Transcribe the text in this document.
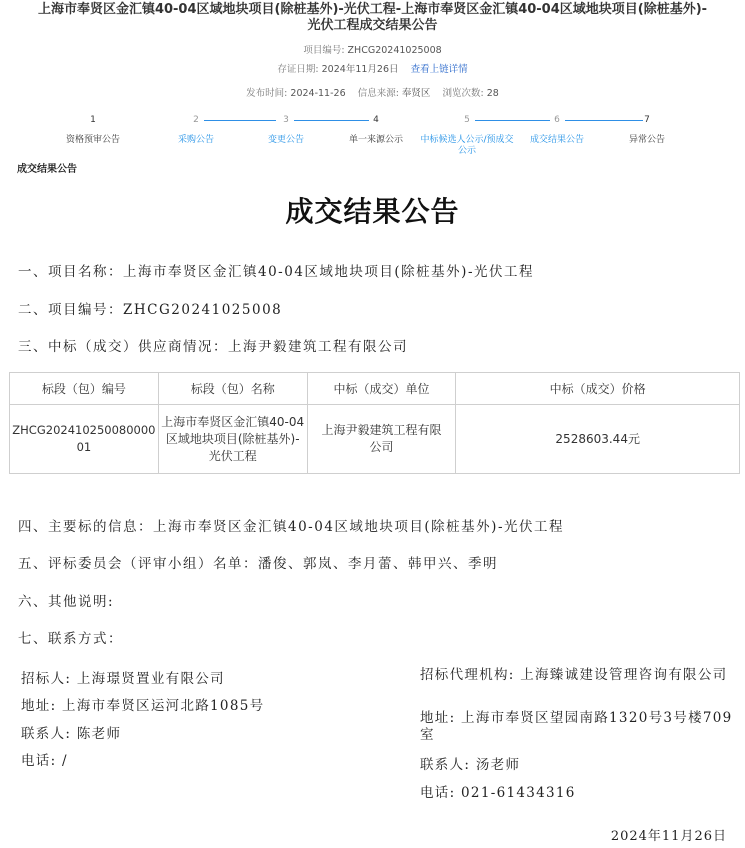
上海市奉贤区金汇镇40-04区域地块项目(除桩基外)-光伏工程-上海市奉贤区金汇镇40-04区域地块项目(除桩基外)-
光伏工程成交结果公告
项目编号: ZHCG20241025008
存证日期: 2024年11月26日 查看上链详情
发布时间: 2024-11-26 信息来源: 奉贤区 浏览次数: 28
1
资格预审公告
2
采购公告
3
变更公告
4
单一来源公示
5
中标候选人公示/预成交公示
6
成交结果公告
7
异常公告
成交结果公告
成交结果公告
一、项目名称：上海市奉贤区金汇镇40-04区域地块项目(除桩基外)-光伏工程
二、项目编号：ZHCG20241025008
三、中标（成交）供应商情况：上海尹毅建筑工程有限公司
标段（包）编号	标段（包）名称	中标（成交）单位	中标（成交）价格
ZHCG20241025008000001	上海市奉贤区金汇镇40-04区域地块项目(除桩基外)-光伏工程	上海尹毅建筑工程有限公司	2528603.44元
四、主要标的信息：上海市奉贤区金汇镇40-04区域地块项目(除桩基外)-光伏工程
五、评标委员会（评审小组）名单：潘俊、郭岚、李月蕾、韩甲兴、季明
六、其他说明:
七、联系方式：
招标人: 上海璟贤置业有限公司
地址: 上海市奉贤区运河北路1085号
联系人: 陈老师
电话: /
招标代理机构: 上海臻诚建设管理咨询有限公司
地址: 上海市奉贤区望园南路1320号3号楼709室
联系人: 汤老师
电话: 021-61434316
2024年11月26日
